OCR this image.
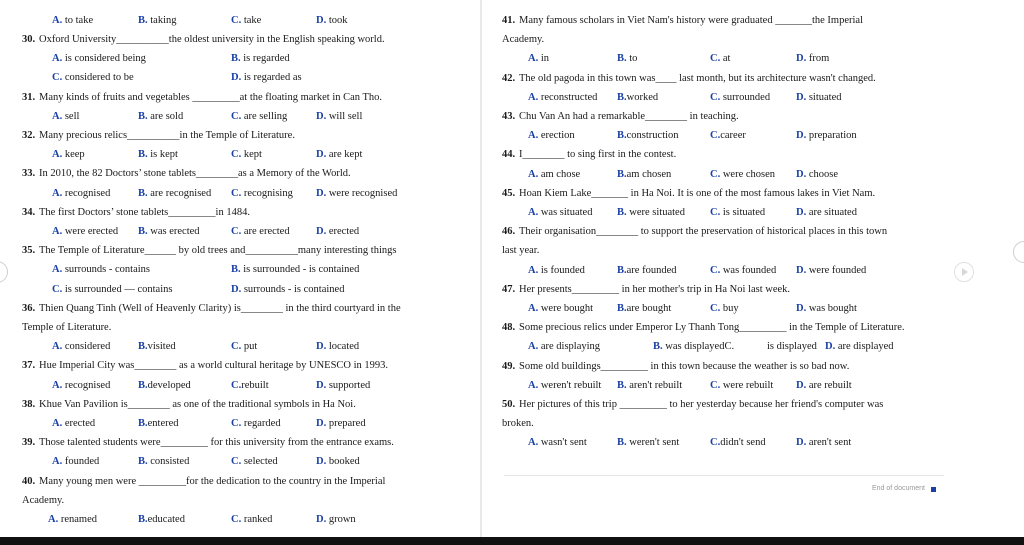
A. to take	B. taking	C. take	D. took
30. Oxford University__________the oldest university in the English speaking world.
A. is considered being	B. is regarded
C. considered to be	D. is regarded as
31. Many kinds of fruits and vegetables _________at the floating market in Can Tho.
A. sell	B. are sold	C. are selling	D. will sell
32. Many precious relics__________in the Temple of Literature.
A. keep	B. is kept	C. kept	D. are kept
33. In 2010, the 82 Doctors’ stone tablets________as a Memory of the World.
A. recognised	B. are recognised C. recognising D. were recognised
34. The first Doctors’ stone tablets_________in 1484.
A. were erected B. was erected	C. are erected	D. erected
35. The Temple of Literature______ by old trees and__________many interesting things
A. surrounds - contains	B. is surrounded - is contained
C. is surrounded — contains	D. surrounds - is contained
36. Thien Quang Tinh (Well of Heavenly Clarity) is________ in the third courtyard in the
Temple of Literature.
A. considered	B.visited	C. put	D. located
37. Hue Imperial City was________ as a world cultural heritage by UNESCO in 1993.
A. recognised	B.developed	C.rebuilt	D. supported
38. Khue Van Pavilion is________ as one of the traditional symbols in Ha Noi.
A. erected	B.entered	C. regarded	D. prepared
39. Those talented students were_________ for this university from the entrance exams.
A. founded	B. consisted	C. selected	D. booked
40. Many young men were _________for the dedication to the country in the Imperial
Academy.
A. renamed	B.educated	C. ranked	D. grown
41. Many famous scholars in Viet Nam's history were graduated _______the Imperial
Academy.
A. in	B. to	C. at	D. from
42. The old pagoda in this town was____ last month, but its architecture wasn't changed.
A. reconstructed B.worked	C. surrounded D. situated
43. Chu Van An had a remarkable________ in teaching.
A. erection	B.construction	C.career	D. preparation
44. I________ to sing first in the contest.
A. am chose	B.am chosen	C. were chosen D. choose
45. Hoan Kiem Lake_______ in Ha Noi. It is one of the most famous lakes in Viet Nam.
A. was situated B. were situated C. is situated	D. are situated
46. Their organisation________ to support the preservation of historical places in this town
last year.
A. is founded	B.are founded	C. was founded D. were founded
47. Her presents_________ in her mother's trip in Ha Noi last week.
A. were bought B.are bought	C. buy	D. was bought
48. Some precious relics under Emperor Ly Thanh Tong_________ in the Temple of Literature.
A. are displaying	B. was displayedC.	is displayed D. are displayed
49. Some old buildings_________ in this town because the weather is so bad now.
A. weren't rebuilt B. aren't rebuilt	C. were rebuilt D. are rebuilt
50. Her pictures of this trip _________ to her yesterday because her friend's computer was
broken.
A. wasn't sent	B. weren't sent	C.didn't send	D. aren't sent
End of document
